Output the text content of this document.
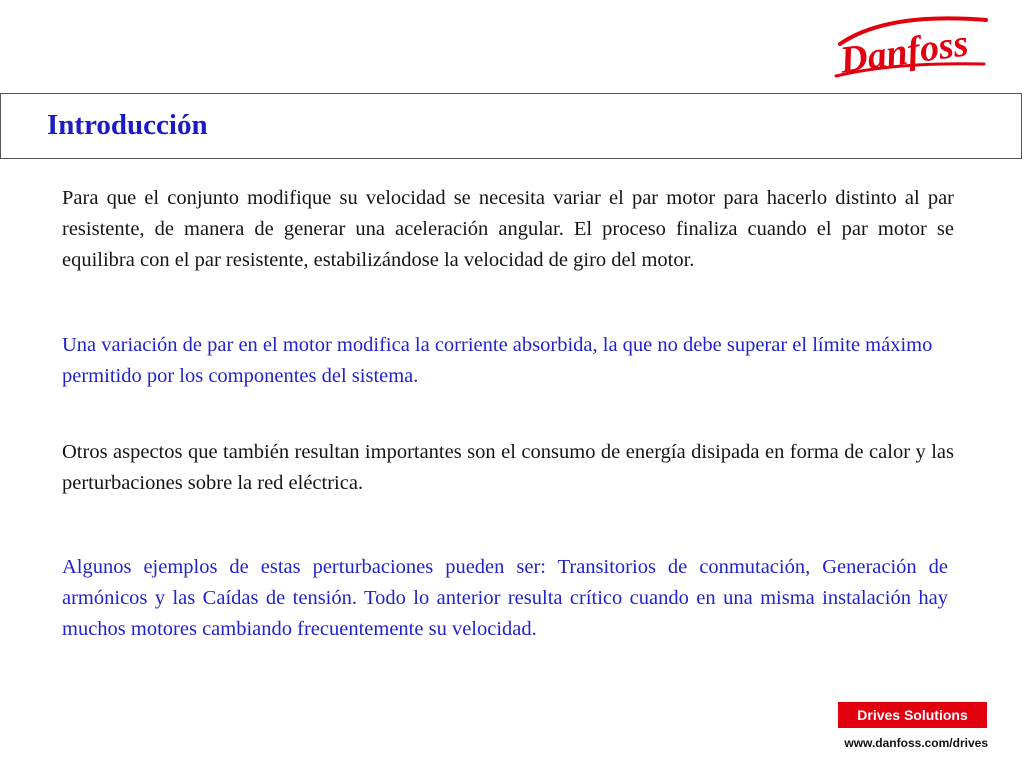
Danfoss
Introducción

Para que el conjunto modifique su velocidad se necesita variar el par motor para hacerlo distinto al par resistente, de manera de generar una aceleración angular. El proceso finaliza cuando el par motor se equilibra con el par resistente, estabilizándose la velocidad de giro del motor.

Una variación de par en el motor modifica la corriente absorbida, la que no debe superar el límite máximo permitido por los componentes del sistema.

Otros aspectos que también resultan importantes son el consumo de energía disipada en forma de calor y las perturbaciones sobre la red eléctrica.

Algunos ejemplos de estas perturbaciones pueden ser: Transitorios de conmutación, Generación de armónicos y las Caídas de tensión. Todo lo anterior resulta crítico cuando en una misma instalación hay muchos motores cambiando frecuentemente su velocidad.

Drives Solutions

www.danfoss.com/drives
